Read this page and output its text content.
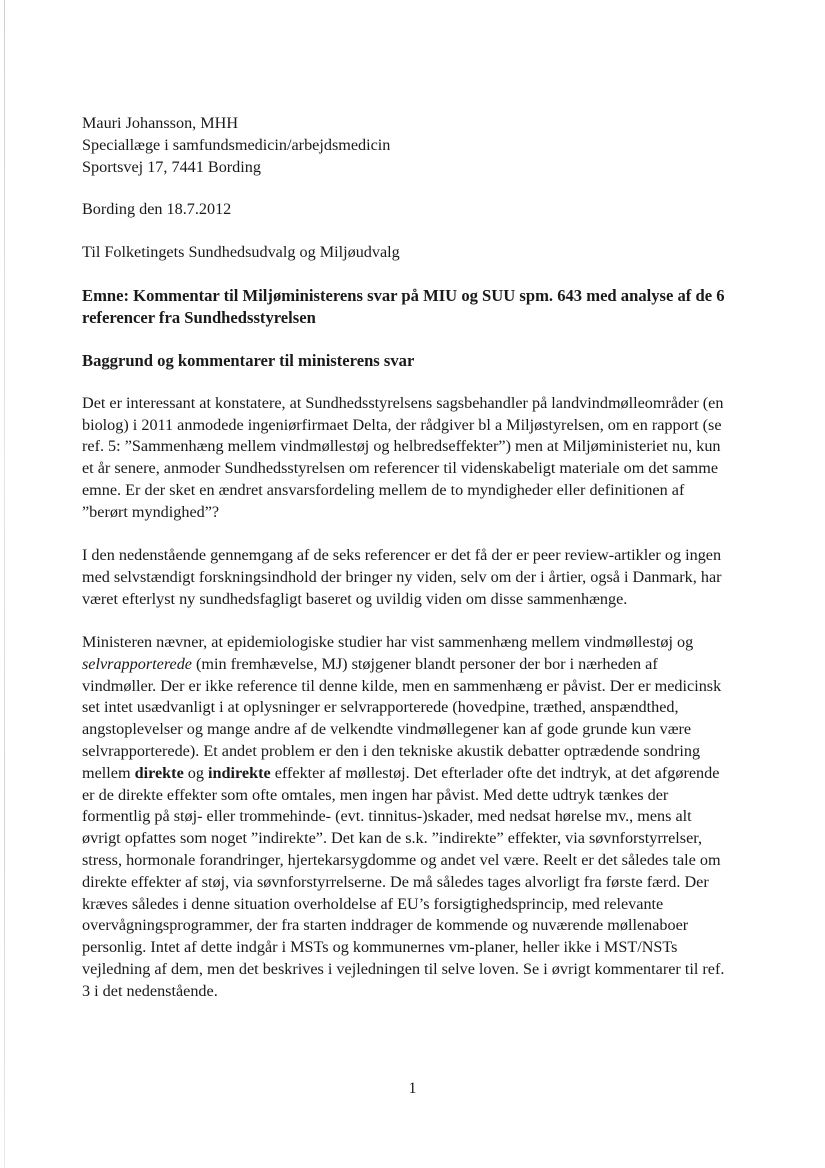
Mauri Johansson, MHH
Speciallæge i samfundsmedicin/arbejdsmedicin
Sportsvej 17, 7441 Bording
Bording den 18.7.2012
Til Folketingets Sundhedsudvalg og Miljøudvalg
Emne: Kommentar til Miljøministerens svar på MIU og SUU spm. 643 med analyse af de 6
referencer fra Sundhedsstyrelsen
Baggrund og kommentarer til ministerens svar
Det er interessant at konstatere, at Sundhedsstyrelsens sagsbehandler på landvindmølleområder (en
biolog) i 2011 anmodede ingeniørfirmaet Delta, der rådgiver bl a Miljøstyrelsen, om en rapport (se
ref. 5: ”Sammenhæng mellem vindmøllestøj og helbredseffekter”) men at Miljøministeriet nu, kun
et år senere, anmoder Sundhedsstyrelsen om referencer til videnskabeligt materiale om det samme
emne. Er der sket en ændret ansvarsfordeling mellem de to myndigheder eller definitionen af
”berørt myndighed”?
I den nedenstående gennemgang af de seks referencer er det få der er peer review-artikler og ingen
med selvstændigt forskningsindhold der bringer ny viden, selv om der i årtier, også i Danmark, har
været efterlyst ny sundhedsfagligt baseret og uvildig viden om disse sammenhænge.
Ministeren nævner, at epidemiologiske studier har vist sammenhæng mellem vindmøllestøj og
selvrapporterede (min fremhævelse, MJ) støjgener blandt personer der bor i nærheden af
vindmøller. Der er ikke reference til denne kilde, men en sammenhæng er påvist. Der er medicinsk
set intet usædvanligt i at oplysninger er selvrapporterede (hovedpine, træthed, anspændthed,
angstoplevelser og mange andre af de velkendte vindmøllegener kan af gode grunde kun være
selvrapporterede). Et andet problem er den i den tekniske akustik debatter optrædende sondring
mellem direkte og indirekte effekter af møllestøj. Det efterlader ofte det indtryk, at det afgørende
er de direkte effekter som ofte omtales, men ingen har påvist. Med dette udtryk tænkes der
formentlig på støj- eller trommehinde- (evt. tinnitus-)skader, med nedsat hørelse mv., mens alt
øvrigt opfattes som noget ”indirekte”. Det kan de s.k. ”indirekte” effekter, via søvnforstyrrelser,
stress, hormonale forandringer, hjertekarsygdomme og andet vel være. Reelt er det således tale om
direkte effekter af støj, via søvnforstyrrelserne. De må således tages alvorligt fra første færd. Der
kræves således i denne situation overholdelse af EU’s forsigtighedsprincip, med relevante
overvågningsprogrammer, der fra starten inddrager de kommende og nuværende møllenaboer
personlig. Intet af dette indgår i MSTs og kommunernes vm-planer, heller ikke i MST/NSTs
vejledning af dem, men det beskrives i vejledningen til selve loven. Se i øvrigt kommentarer til ref.
3 i det nedenstående.
1
